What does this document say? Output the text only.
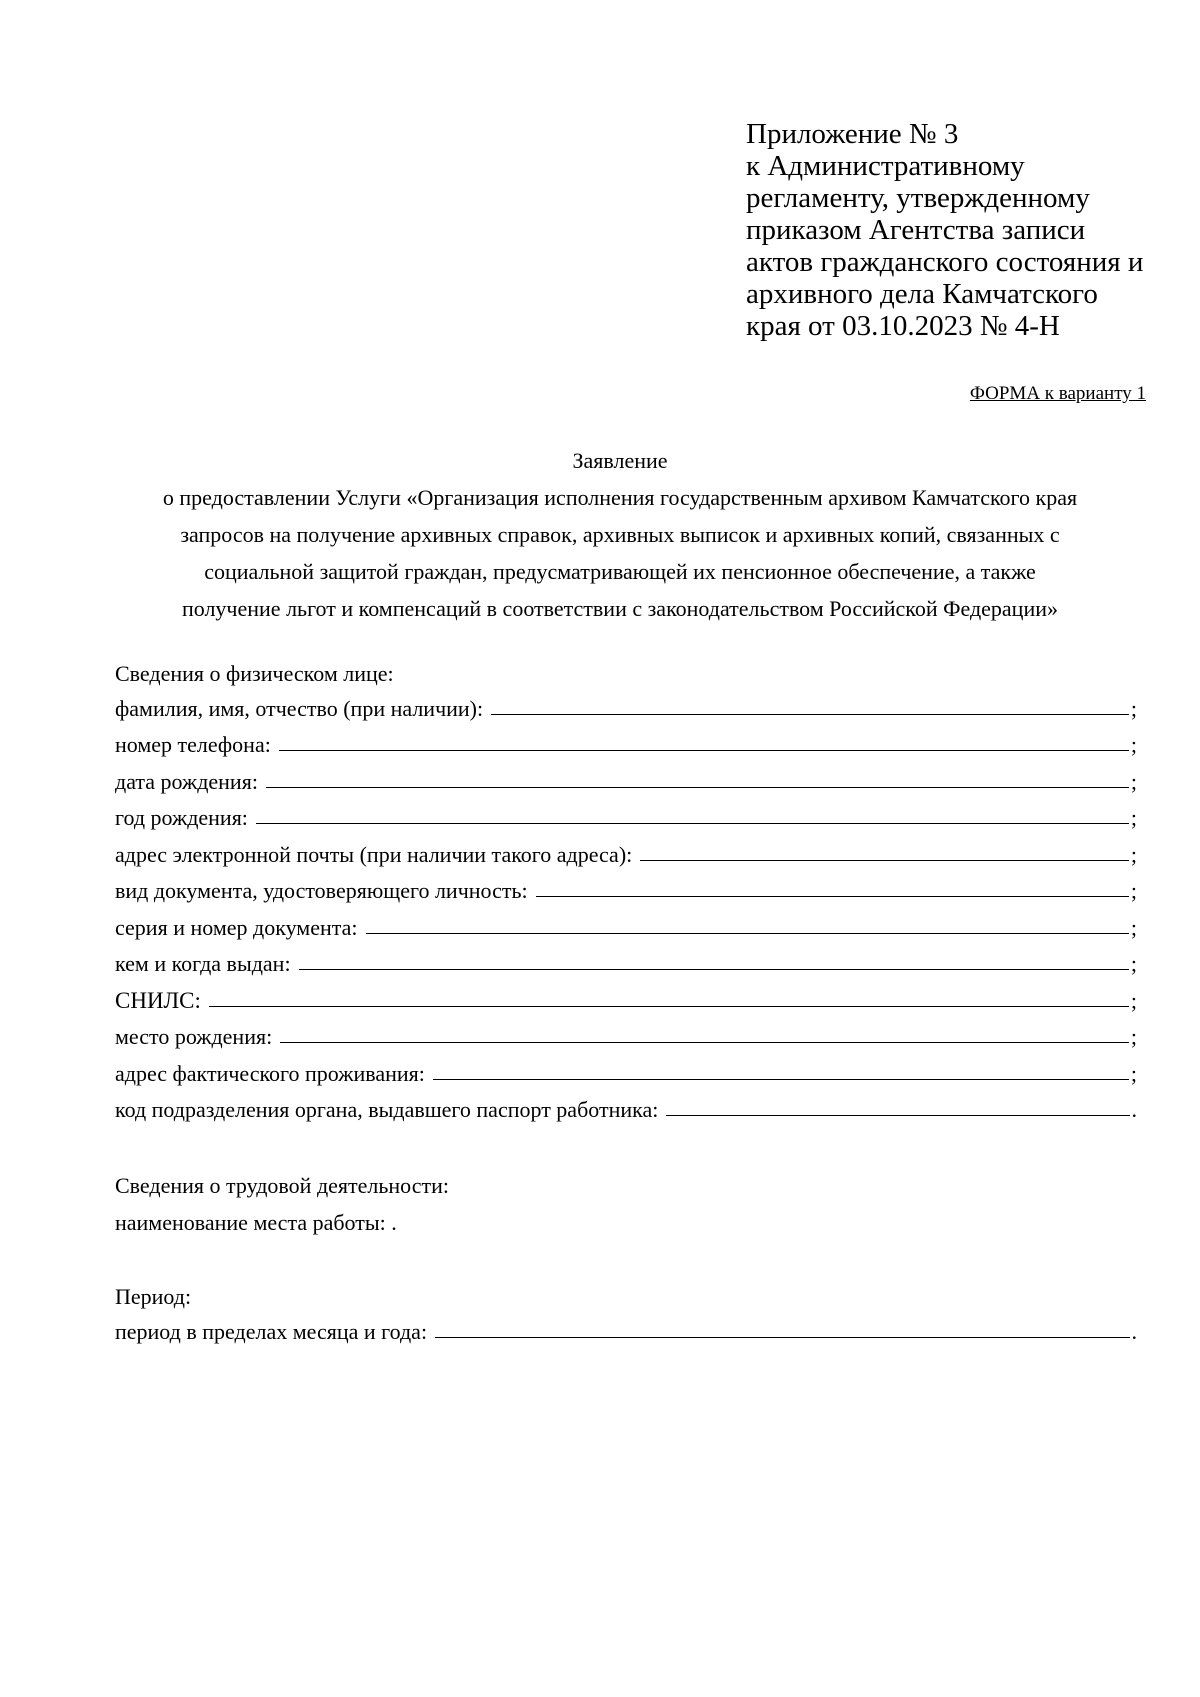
Приложение № 3
к Административному
регламенту, утвержденному
приказом Агентства записи
актов гражданского состояния и
архивного дела Камчатского
края от 03.10.2023 № 4-Н
ФОРМА к варианту 1
Заявление
о предоставлении Услуги «Организация исполнения государственным архивом Камчатского края
запросов на получение архивных справок, архивных выписок и архивных копий, связанных с
социальной защитой граждан, предусматривающей их пенсионное обеспечение, а также
получение льгот и компенсаций в соответствии с законодательством Российской Федерации»
Сведения о физическом лице:
фамилия, имя, отчество (при наличии):	;
номер телефона:	;
дата рождения:	;
год рождения:	;
адрес электронной почты (при наличии такого адреса):	;
вид документа, удостоверяющего личность:	;
серия и номер документа:	;
кем и когда выдан:	;
СНИЛС:	;
место рождения:	;
адрес фактического проживания:	;
код подразделения органа, выдавшего паспорт работника:	.
Сведения о трудовой деятельности:
наименование места работы: .
Период:
период в пределах месяца и года:	.
